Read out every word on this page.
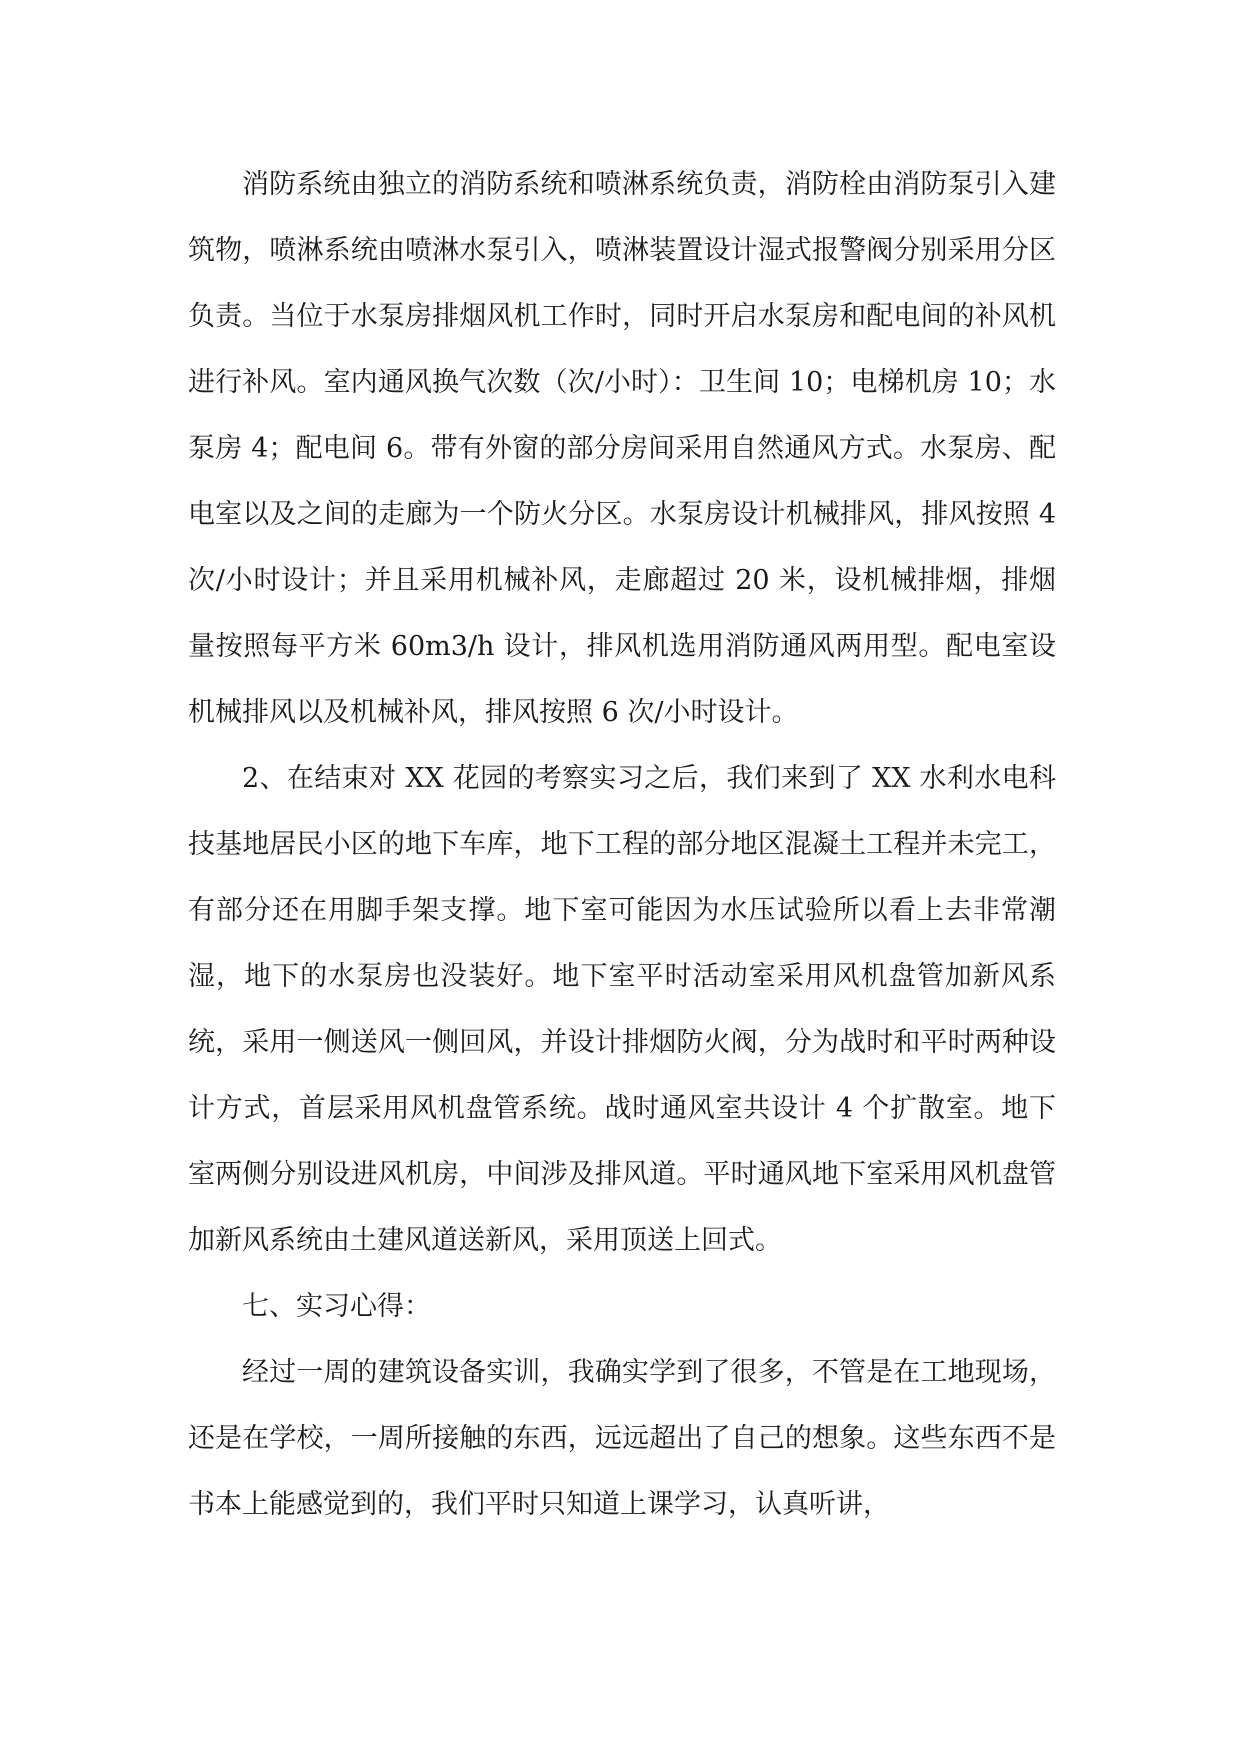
消防系统由独立的消防系统和喷淋系统负责，消防栓由消防泵引入建筑物，喷淋系统由喷淋水泵引入，喷淋装置设计湿式报警阀分别采用分区负责。当位于水泵房排烟风机工作时，同时开启水泵房和配电间的补风机进行补风。室内通风换气次数（次/小时）：卫生间 10；电梯机房 10；水泵房 4；配电间 6。带有外窗的部分房间采用自然通风方式。水泵房、配电室以及之间的走廊为一个防火分区。水泵房设计机械排风，排风按照 4 次/小时设计；并且采用机械补风，走廊超过 20 米，设机械排烟，排烟量按照每平方米 60m3/h 设计，排风机选用消防通风两用型。配电室设机械排风以及机械补风，排风按照 6 次/小时设计。

2、在结束对 XX 花园的考察实习之后，我们来到了 XX 水利水电科技基地居民小区的地下车库，地下工程的部分地区混凝土工程并未完工，有部分还在用脚手架支撑。地下室可能因为水压试验所以看上去非常潮湿，地下的水泵房也没装好。地下室平时活动室采用风机盘管加新风系统，采用一侧送风一侧回风，并设计排烟防火阀，分为战时和平时两种设计方式，首层采用风机盘管系统。战时通风室共设计 4 个扩散室。地下室两侧分别设进风机房，中间涉及排风道。平时通风地下室采用风机盘管加新风系统由土建风道送新风，采用顶送上回式。

七、实习心得：

经过一周的建筑设备实训，我确实学到了很多，不管是在工地现场，还是在学校，一周所接触的东西，远远超出了自己的想象。这些东西不是书本上能感觉到的，我们平时只知道上课学习，认真听讲，
